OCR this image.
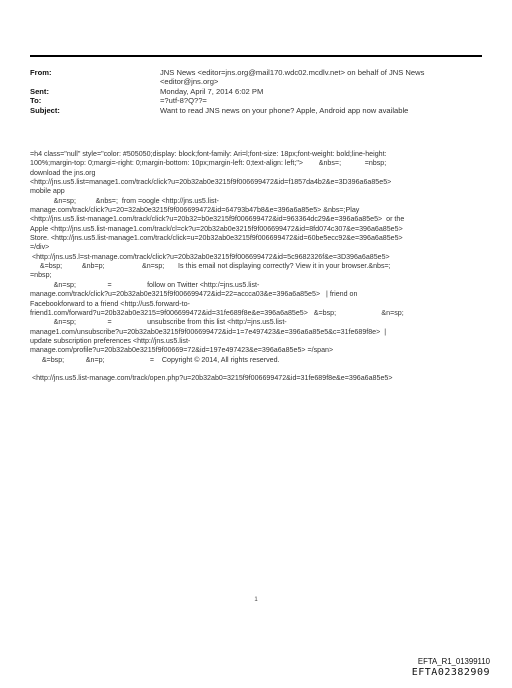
From:	JNS News <editor=jns.org@mail170.wdc02.mcdlv.net> on behalf of JNS News
<editor@jns.org>
Sent:	Monday, April 7, 2014 6:02 PM
To:	=?utf-8?Q??=
Subject:	Want to read JNS news on your phone? Apple, Android app now available
=h4 class="null" style="color: #505050;display: block;font-family: Ari=l;font-size: 18px;font-weight: bold;line-height:
100%;margin-top: 0;margi=-right: 0;margin-bottom: 10px;margin-left: 0;text-align: left;">        &nbs=;            =nbsp;
download the jns.org
<http://jns.us5.list=manage1.com/track/click?u=20b32ab0e3215f9f006699472&id=f1857da4b2&e=3D396a6a85e5>
mobile app
&n=sp;          &nbs=;  from =oogle <http://jns.us5.list-
manage.com/track/click?u=20=32ab0e3215f9f006699472&id=64793b47b8&e=396a6a85e5> &nbs=;Play
<http://jns.us5.list-manage1.com/track/click?u=20b32=b0e3215f9f006699472&id=963364dc29&e=396a6a85e5>  or the
Apple <http://jns.us5.list-manage1.com/track/cl=ck?u=20b32ab0e3215f9f006699472&id=8fd074c307&e=396a6a85e5>
Store. <http://jns.us5.list-manage1.com/track/click=u=20b32ab0e3215f9f006699472&id=60be5ecc92&e=396a6a85e5>
=/div>
<http://jns.us5.l=st-manage.com/track/click?u=20b32ab0e3215f9f006699472&id=5c9682326f&e=3D396a6a85e5>
&=bsp;          &nb=p;                   &n=sp;       Is this email not displaying correctly? View it in your browser.&nbs=;
=nbsp;
&n=sp;                =                  follow on Twitter <http:/=jns.us5.list-
manage.com/track/click?u=20b32ab0e3215f9f006699472&id=22=accca03&e=396a6a85e5>   | friend on
Facebookforward to a friend <http://us5.forward-to-
friend1.com/forward?u=20b32ab0e3215=9f006699472&id=31fe689f8e&e=396a6a85e5>   &=bsp;                       &n=sp;
&n=sp;                =                  unsubscribe from this list <http:/=jns.us5.list-
manage1.com/unsubscribe?u=20b32ab0e3215f9f006699472&id=1=7e497423&e=396a6a85e5&c=31fe689f8e>  |
update subscription preferences <http://jns.us5.list-
manage.com/profile?u=20b32ab0e3215f9f00669=72&id=197e497423&e=396a6a85e5> =/span>
&=bsp;           &n=p;                       =    Copyright © 2014, All rights reserved.

<http://jns.us5.list-manage.com/track/open.php?u=20b32ab0=3215f9f006699472&id=31fe689f8e&e=396a6a85e5>
1
EFTA_R1_01399110
EFTA02382909
